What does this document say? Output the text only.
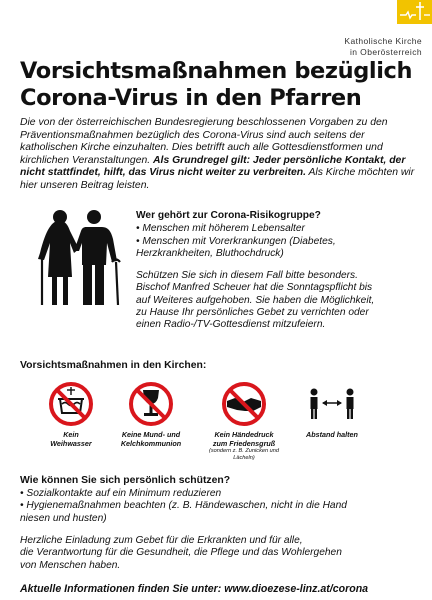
Katholische Kirche
in Oberösterreich
Vorsichtsmaßnahmen bezüglich
Corona-Virus in den Pfarren
Die von der österreichischen Bundesregierung beschlossenen Vorgaben zu den Präventionsmaßnahmen bezüglich des Corona-Virus sind auch seitens der katholischen Kirche einzuhalten. Dies betrifft auch alle Gottesdienstformen und kirchlichen Veranstaltungen. Als Grundregel gilt: Jeder persönliche Kontakt, der nicht stattfindet, hilft, das Virus nicht weiter zu verbreiten. Als Kirche möchten wir hier unseren Beitrag leisten.
Wer gehört zur Corona-Risikogruppe?
• Menschen mit höherem Lebensalter
• Menschen mit Vorerkrankungen (Diabetes,
Herzkrankheiten, Bluthochdruck)
Schützen Sie sich in diesem Fall bitte besonders.
Bischof Manfred Scheuer hat die Sonntagspflicht bis
auf Weiteres aufgehoben. Sie haben die Möglichkeit,
zu Hause Ihr persönliches Gebet zu verrichten oder
einen Radio-/TV-Gottesdienst mitzufeiern.
Vorsichtsmaßnahmen in den Kirchen:
Kein
Weihwasser
Keine Mund- und
Kelchkommunion
Kein Händedruck
zum Friedensgruß
(sondern z. B. Zunicken und Lächeln)
Abstand halten
Wie können Sie sich persönlich schützen?
• Sozialkontakte auf ein Minimum reduzieren
• Hygienemaßnahmen beachten (z. B. Händewaschen, nicht in die Hand
niesen und husten)
Herzliche Einladung zum Gebet für die Erkrankten und für alle,
die Verantwortung für die Gesundheit, die Pflege und das Wohlergehen
von Menschen haben.
Aktuelle Informationen finden Sie unter: www.dioezese-linz.at/corona
